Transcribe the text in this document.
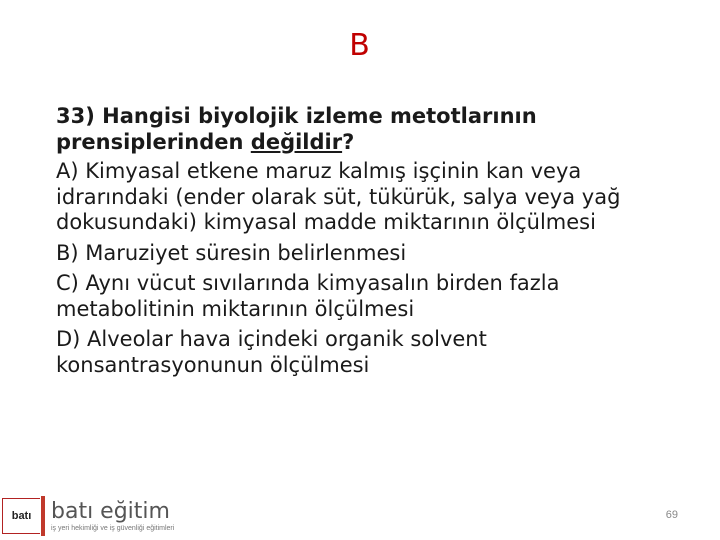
B

33) Hangisi biyolojik izleme metotlarının prensiplerinden değildir?

A) Kimyasal etkene maruz kalmış işçinin kan veya idrarındaki (ender olarak süt, tükürük, salya veya yağ dokusundaki) kimyasal madde miktarının ölçülmesi

B) Maruziyet süresin belirlenmesi

C) Aynı vücut sıvılarında kimyasalın birden fazla metabolitinin miktarının ölçülmesi

D) Alveolar hava içindeki organik solvent konsantrasyonunun ölçülmesi

batı batı eğitim
iş yeri hekimliği ve iş güvenliği eğitimleri
69
